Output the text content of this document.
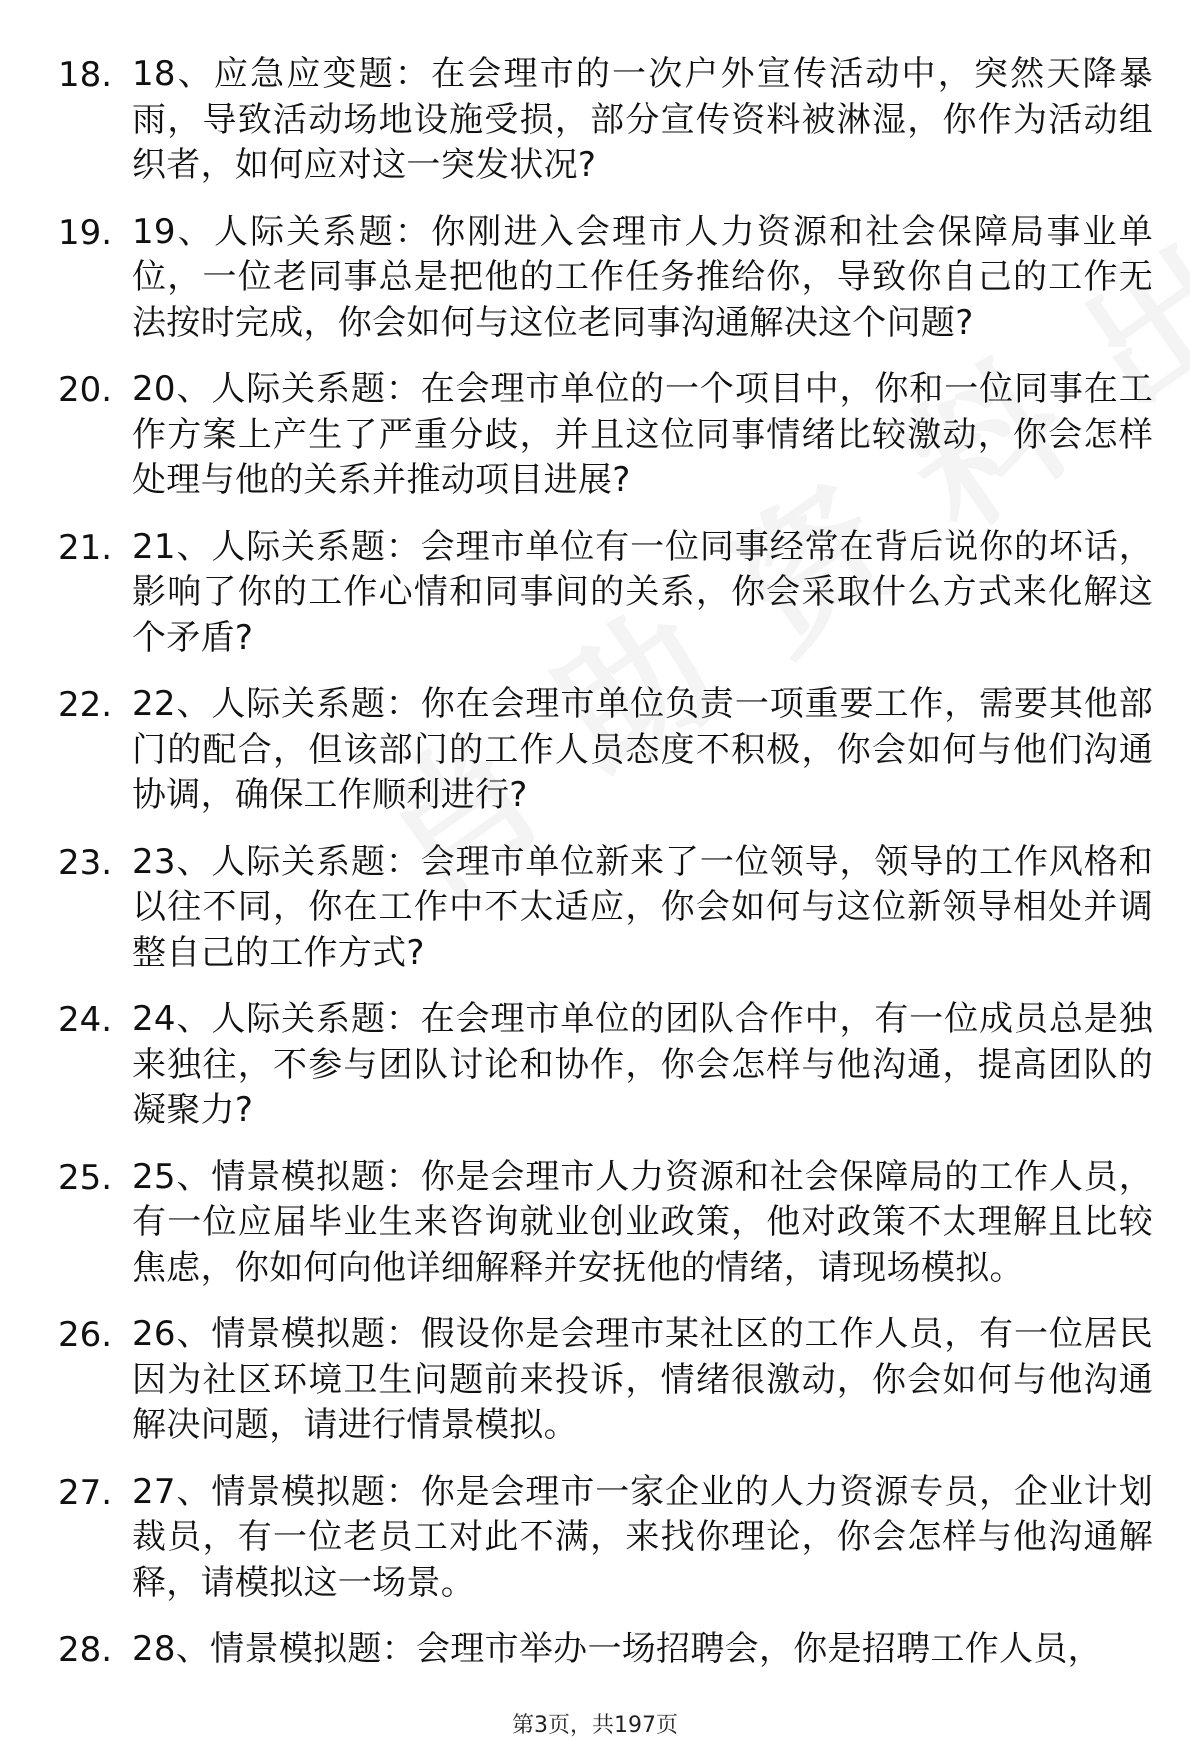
18. 18、应急应变题：在会理市的一次户外宣传活动中，突然天降暴雨，导致活动场地设施受损，部分宣传资料被淋湿，你作为活动组织者，如何应对这一突发状况?
19. 19、人际关系题：你刚进入会理市人力资源和社会保障局事业单位，一位老同事总是把他的工作任务推给你，导致你自己的工作无法按时完成，你会如何与这位老同事沟通解决这个问题?
20. 20、人际关系题：在会理市单位的一个项目中，你和一位同事在工作方案上产生了严重分歧，并且这位同事情绪比较激动，你会怎样处理与他的关系并推动项目进展?
21. 21、人际关系题：会理市单位有一位同事经常在背后说你的坏话，影响了你的工作心情和同事间的关系，你会采取什么方式来化解这个矛盾?
22. 22、人际关系题：你在会理市单位负责一项重要工作，需要其他部门的配合，但该部门的工作人员态度不积极，你会如何与他们沟通协调，确保工作顺利进行?
23. 23、人际关系题：会理市单位新来了一位领导，领导的工作风格和以往不同，你在工作中不太适应，你会如何与这位新领导相处并调整自己的工作方式?
24. 24、人际关系题：在会理市单位的团队合作中，有一位成员总是独来独往，不参与团队讨论和协作，你会怎样与他沟通，提高团队的凝聚力?
25. 25、情景模拟题：你是会理市人力资源和社会保障局的工作人员，有一位应届毕业生来咨询就业创业政策，他对政策不太理解且比较焦虑，你如何向他详细解释并安抚他的情绪，请现场模拟。
26. 26、情景模拟题：假设你是会理市某社区的工作人员，有一位居民因为社区环境卫生问题前来投诉，情绪很激动，你会如何与他沟通解决问题，请进行情景模拟。
27. 27、情景模拟题：你是会理市一家企业的人力资源专员，企业计划裁员，有一位老员工对此不满，来找你理论，你会怎样与他沟通解释，请模拟这一场景。
28. 28、情景模拟题：会理市举办一场招聘会，你是招聘工作人员，
第3页，共197页
